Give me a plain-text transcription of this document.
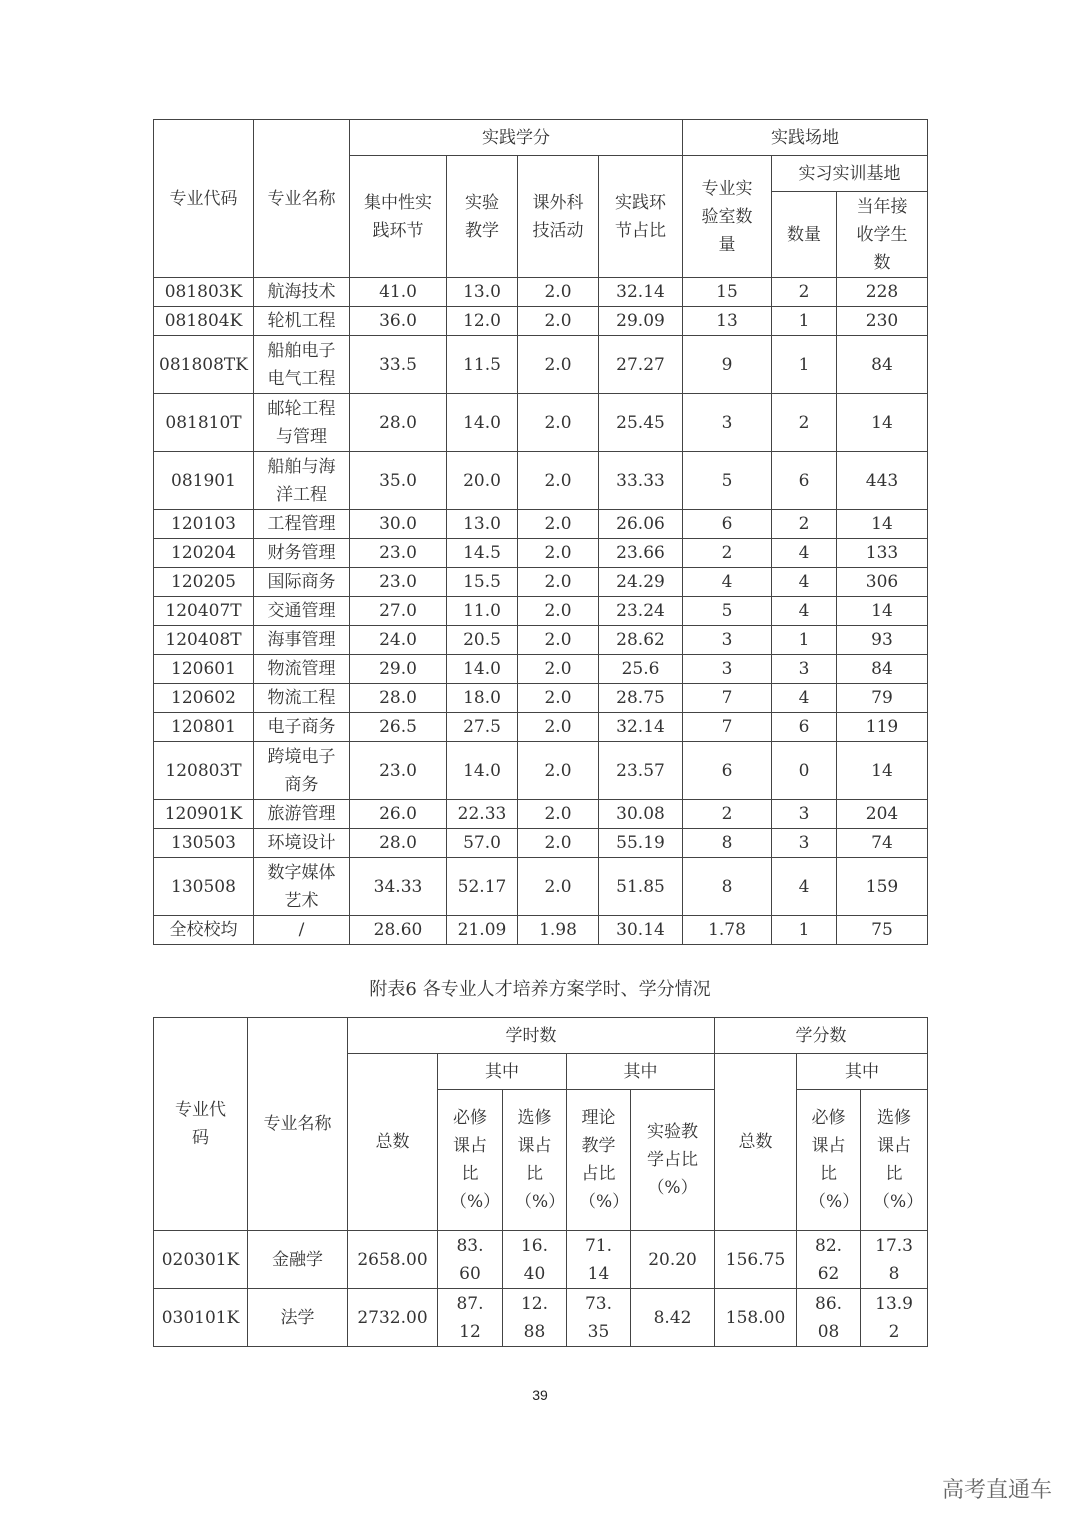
专业代码	专业名称	实践学分				实践场地		
		集中性实践环节	实验教学	课外科技活动	实践环节占比	专业实验室数量	实习实训基地	
							数量	当年接收学生数
081803K	航海技术	41.0	13.0	2.0	32.14	15	2	228
081804K	轮机工程	36.0	12.0	2.0	29.09	13	1	230
081808TK	船舶电子电气工程	33.5	11.5	2.0	27.27	9	1	84
081810T	邮轮工程与管理	28.0	14.0	2.0	25.45	3	2	14
081901	船舶与海洋工程	35.0	20.0	2.0	33.33	5	6	443
120103	工程管理	30.0	13.0	2.0	26.06	6	2	14
120204	财务管理	23.0	14.5	2.0	23.66	2	4	133
120205	国际商务	23.0	15.5	2.0	24.29	4	4	306
120407T	交通管理	27.0	11.0	2.0	23.24	5	4	14
120408T	海事管理	24.0	20.5	2.0	28.62	3	1	93
120601	物流管理	29.0	14.0	2.0	25.6	3	3	84
120602	物流工程	28.0	18.0	2.0	28.75	7	4	79
120801	电子商务	26.5	27.5	2.0	32.14	7	6	119
120803T	跨境电子商务	23.0	14.0	2.0	23.57	6	0	14
120901K	旅游管理	26.0	22.33	2.0	30.08	2	3	204
130503	环境设计	28.0	57.0	2.0	55.19	8	3	74
130508	数字媒体艺术	34.33	52.17	2.0	51.85	8	4	159
全校校均	/	28.60	21.09	1.98	30.14	1.78	1	75
附表6 各专业人才培养方案学时、学分情况
专业代码	专业名称	学时数					学分数		
		总数	其中		其中		总数	其中	
			必修课占比（%）	选修课占比（%）	理论教学占比（%）	实验教学占比（%）		必修课占比（%）	选修课占比（%）
020301K	金融学	2658.00	83.60	16.40	71.14	20.20	156.75	82.62	17.38
030101K	法学	2732.00	87.12	12.88	73.35	8.42	158.00	86.08	13.92
39
高考直通车
